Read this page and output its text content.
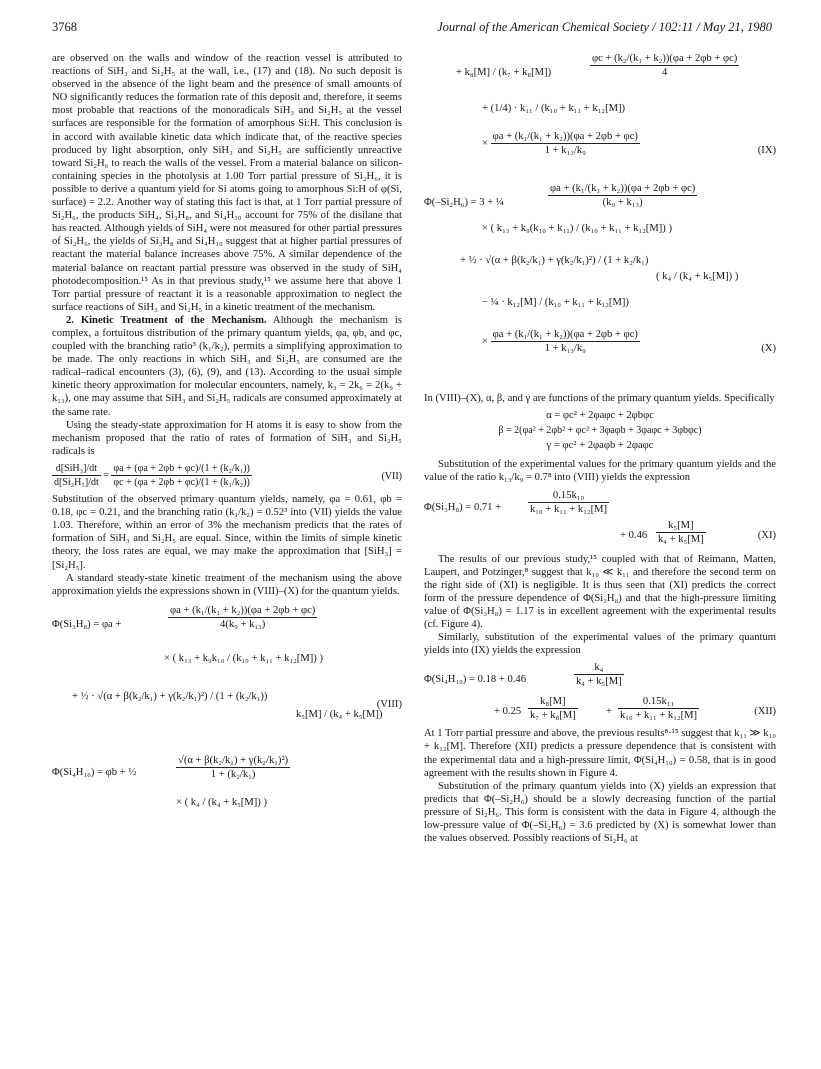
3768	Journal of the American Chemical Society / 102:11 / May 21, 1980

are observed on the walls and window of the reaction vessel is attributed to reactions of SiH₃ and Si₂H₅ at the wall, i.e., (17) and (18). No such deposit is observed in the absence of the light beam and the presence of small amounts of NO significantly reduces the formation rate of this deposit and, therefore, it seems most probable that reactions of the monoradicals SiH₃ and Si₂H₅ at the vessel surfaces are responsible for the formation of amorphous Si:H. This conclusion is in accord with available kinetic data which indicate that, of the reactive species produced by light absorption, only SiH₃ and Si₂H₅ are sufficiently unreactive toward Si₂H₆ to reach the walls of the vessel. From a material balance on silicon-containing species in the photolysis at 1.00 Torr partial pressure of Si₂H₆, it is possible to derive a quantum yield for Si atoms going to amorphous Si:H of φ(Si, surface) = 2.2. Another way of stating this fact is that, at 1 Torr partial pressure of Si₂H₆, the products SiH₄, Si₃H₈, and Si₄H₁₀ account for 75% of the disilane that has reacted. Although yields of SiH₄ were not measured for other partial pressures of Si₂H₆, the yields of Si₃H₈ and Si₄H₁₀ suggest that at higher partial pressures of reactant the material balance increases above 75%. A similar dependence of the material balance on reactant partial pressure was observed in the study of SiH₄ photodecomposition.¹⁵ As in that previous study,¹⁵ we assume here that above 1 Torr partial pressure of reactant it is a reasonable approximation to neglect the surface reactions of SiH₃ and Si₂H₅ in a kinetic treatment of the mechanism.

2. Kinetic Treatment of the Mechanism. Although the mechanism is complex, a fortuitous distribution of the primary quantum yields, φa, φb, and φc, coupled with the branching ratio³ (k₁/k₂), permits a simplifying approximation to be made. The only reactions in which SiH₃ and Si₂H₅ are consumed are the radical–radical encounters (3), (6), (9), and (13). According to the usual simple kinetic theory approximation for molecular encounters, namely, k₃ = 2k₆ = 2(k₉ + k₁₃), one may assume that SiH₃ and Si₂H₅ radicals are consumed approximately at the same rate.

Using the steady-state approximation for H atoms it is easy to show from the mechanism proposed that the ratio of rates of formation of SiH₃ and Si₂H₅ radicals is

$\frac{\text{d[SiH₃]/dt}}{\text{d[Si₂H₅]/dt}} = \frac{\text{φa + (φa + 2φb + φc)/(1 + (k₂/k₁))}}{\text{φc + (φa + 2φb + φc)/(1 + (k₁/k₂))}}$	(VII)

Substitution of the observed primary quantum yields, namely, φa = 0.61, φb = 0.18, φc = 0.21, and the branching ratio (k₁/k₂) = 0.52³ into (VII) yields the value 1.03. Therefore, within an error of 3% the mechanism predicts that the rates of formation of SiH₃ and Si₂H₅ are equal. Since, within the limits of simple kinetic theory, the loss rates are equal, we may make the approximation that [SiH₃] = [Si₂H₅].

A standard steady-state kinetic treatment of the mechanism using the above approximation yields the expressions shown in (VIII)–(X) for the quantum yields.

Φ(Si₃H₈) = φa +	$\frac{\text{φa + (k₁/(k₁ + k₂))(φa + 2φb + φc)}}{\text{4(k₉ + k₁₃)}}$
× ( k₁₃ + k₉k₁₀ / (k₁₀ + k₁₁ + k₁₂[M]) )
+ ½ · √(α + β(k₂/k₁) + γ(k₂/k₁)²) / (1 + (k₂/k₁))
k₅[M] / (k₄ + k₅[M])
(VIII)
Φ(Si₄H₁₀) = φb + ½	$\frac{\text{√(α + β(k₂/k₁) + γ(k₂/k₁)²)}}{\text{1 + (k₂/k₁)}}$
× ( k₄ / (k₄ + k₅[M]) )
+ k₈[M] / (k₇ + k₈[M])	$\frac{\text{φc + (k₂/(k₁ + k₂))(φa + 2φb + φc)}}{4}$
+ (1/4) · k₁₁ / (k₁₀ + k₁₁ + k₁₂[M])
× $\frac{\text{φa + (k₁/(k₁ + k₂))(φa + 2φb + φc)}}{\text{1 + k₁₃/k₉}}$	(IX)
Φ(–Si₂H₆) = 3 + ¼	$\frac{\text{φa + (k₁/(k₁ + k₂))(φa + 2φb + φc)}}{\text{(k₉ + k₁₃)}}$
× ( k₁₃ + k₉(k₁₀ + k₁₁) / (k₁₀ + k₁₁ + k₁₂[M]) )
+ ½ · √(α + β(k₂/k₁) + γ(k₂/k₁)²) / (1 + k₂/k₁)
( k₄ / (k₄ + k₅[M]) )
− ¼ · k₁₂[M] / (k₁₀ + k₁₁ + k₁₂[M])
× $\frac{\text{φa + (k₁/(k₁ + k₂))(φa + 2φb + φc)}}{\text{1 + k₁₃/k₉}}$	(X)

In (VIII)–(X), α, β, and γ are functions of the primary quantum yields. Specifically

α = φc² + 2φaφc + 2φbφc
β = 2(φa² + 2φb² + φc² + 3φaφb + 3φaφc + 3φbφc)
γ = φc² + 2φaφb + 2φaφc

Substitution of the experimental values for the primary quantum yields and the value of the ratio k₁₃/k₉ = 0.7⁸ into (VIII) yields the expression

Φ(Si₃H₈) = 0.71 +	$\frac{\text{0.15k₁₀}}{\text{k₁₀ + k₁₁ + k₁₂[M]}}$
+ $0.46 \frac{\text{k₅[M]}}{\text{k₄ + k₅[M]}}$	(XI)

The results of our previous study,¹⁵ coupled with that of Reimann, Matten, Laupert, and Potzinger,⁸ suggest that k₁₀ ≪ k₁₁ and therefore the second term on the right side of (XI) is negligible. It is thus seen that (XI) predicts the correct form of the pressure dependence of Φ(Si₃H₈) and that the high-pressure limiting value of Φ(Si₃H₈) = 1.17 is in excellent agreement with the experimental results (cf. Figure 4).

Similarly, substitution of the experimental values of the primary quantum yields into (IX) yields the expression

Φ(Si₄H₁₀) = 0.18 + 0.46	$\frac{\text{k₄}}{\text{k₄ + k₅[M]}}$
+ $0.25 \frac{\text{k₈[M]}}{\text{k₇ + k₈[M]}}$	+ $\frac{\text{0.15k₁₁}}{\text{k₁₀ + k₁₁ + k₁₂[M]}}$	(XII)

At 1 Torr partial pressure and above, the previous results⁸·¹⁵ suggest that k₁₁ ≫ k₁₀ + k₁₂[M]. Therefore (XII) predicts a pressure dependence that is consistent with the experimental data and a high-pressure limit, Φ(Si₄H₁₀) = 0.58, that is in good agreement with the results shown in Figure 4.

Substitution of the primary quantum yields into (X) yields an expression that predicts that Φ(–Si₂H₆) should be a slowly decreasing function of the partial pressure of Si₂H₆. This form is consistent with the data in Figure 4, although the low-pressure value of Φ(–Si₂H₆) = 3.6 predicted by (X) is somewhat lower than the values observed. Possibly reactions of Si₂H₆ at
